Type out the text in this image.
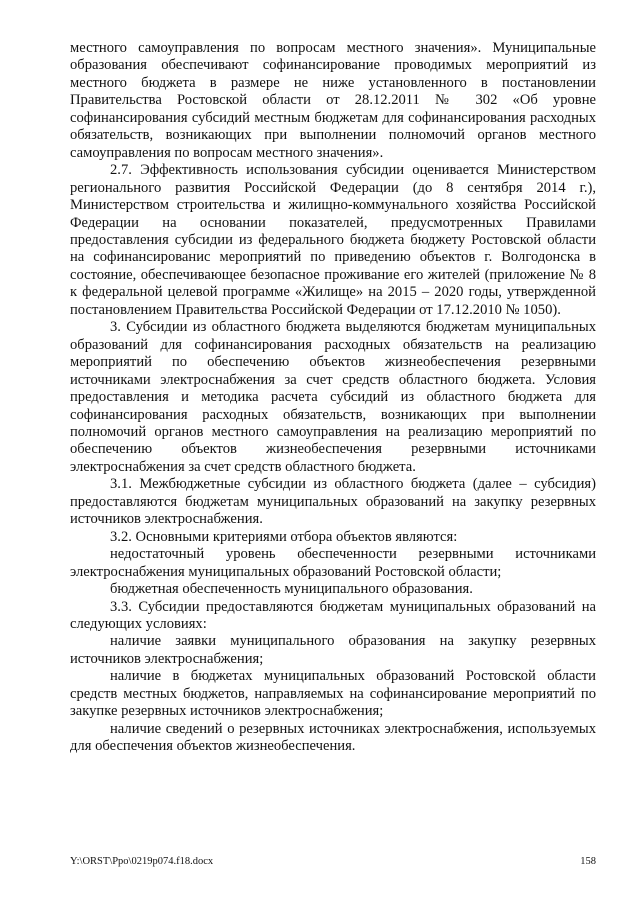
местного самоуправления по вопросам местного значения». Муниципальные образования обеспечивают софинансирование проводимых мероприятий из местного бюджета в размере не ниже установленного в постановлении Правительства Ростовской области от 28.12.2011 № 302 «Об уровне софинансирования субсидий местным бюджетам для софинансирования расходных обязательств, возникающих при выполнении полномочий органов местного самоуправления по вопросам местного значения».

2.7. Эффективность использования субсидии оценивается Министерством регионального развития Российской Федерации (до 8 сентября 2014 г.), Министерством строительства и жилищно-коммунального хозяйства Российской Федерации на основании показателей, предусмотренных Правилами предоставления субсидии из федерального бюджета бюджету Ростовской области на софинансированис мероприятий по приведению объектов г. Волгодонска в состояние, обеспечивающее безопасное проживание его жителей (приложение № 8 к федеральной целевой программе «Жилище» на 2015 – 2020 годы, утвержденной постановлением Правительства Российской Федерации от 17.12.2010 № 1050).

3. Субсидии из областного бюджета выделяются бюджетам муниципальных образований для софинансирования расходных обязательств на реализацию мероприятий по обеспечению объектов жизнеобеспечения резервными источниками электроснабжения за счет средств областного бюджета. Условия предоставления и методика расчета субсидий из областного бюджета для софинансирования расходных обязательств, возникающих при выполнении полномочий органов местного самоуправления на реализацию мероприятий по обеспечению объектов жизнеобеспечения резервными источниками электроснабжения за счет средств областного бюджета.

3.1. Межбюджетные субсидии из областного бюджета (далее – субсидия) предоставляются бюджетам муниципальных образований на закупку резервных источников электроснабжения.

3.2. Основными критериями отбора объектов являются:

недостаточный уровень обеспеченности резервными источниками электроснабжения муниципальных образований Ростовской области;

бюджетная обеспеченность муниципального образования.

3.3. Субсидии предоставляются бюджетам муниципальных образований на следующих условиях:

наличие заявки муниципального образования на закупку резервных источников электроснабжения;

наличие в бюджетах муниципальных образований Ростовской области средств местных бюджетов, направляемых на софинансирование мероприятий по закупке резервных источников электроснабжения;

наличие сведений о резервных источниках электроснабжения, используемых для обеспечения объектов жизнеобеспечения.

Y:\ORST\Ppo\0219p074.f18.docx	158
